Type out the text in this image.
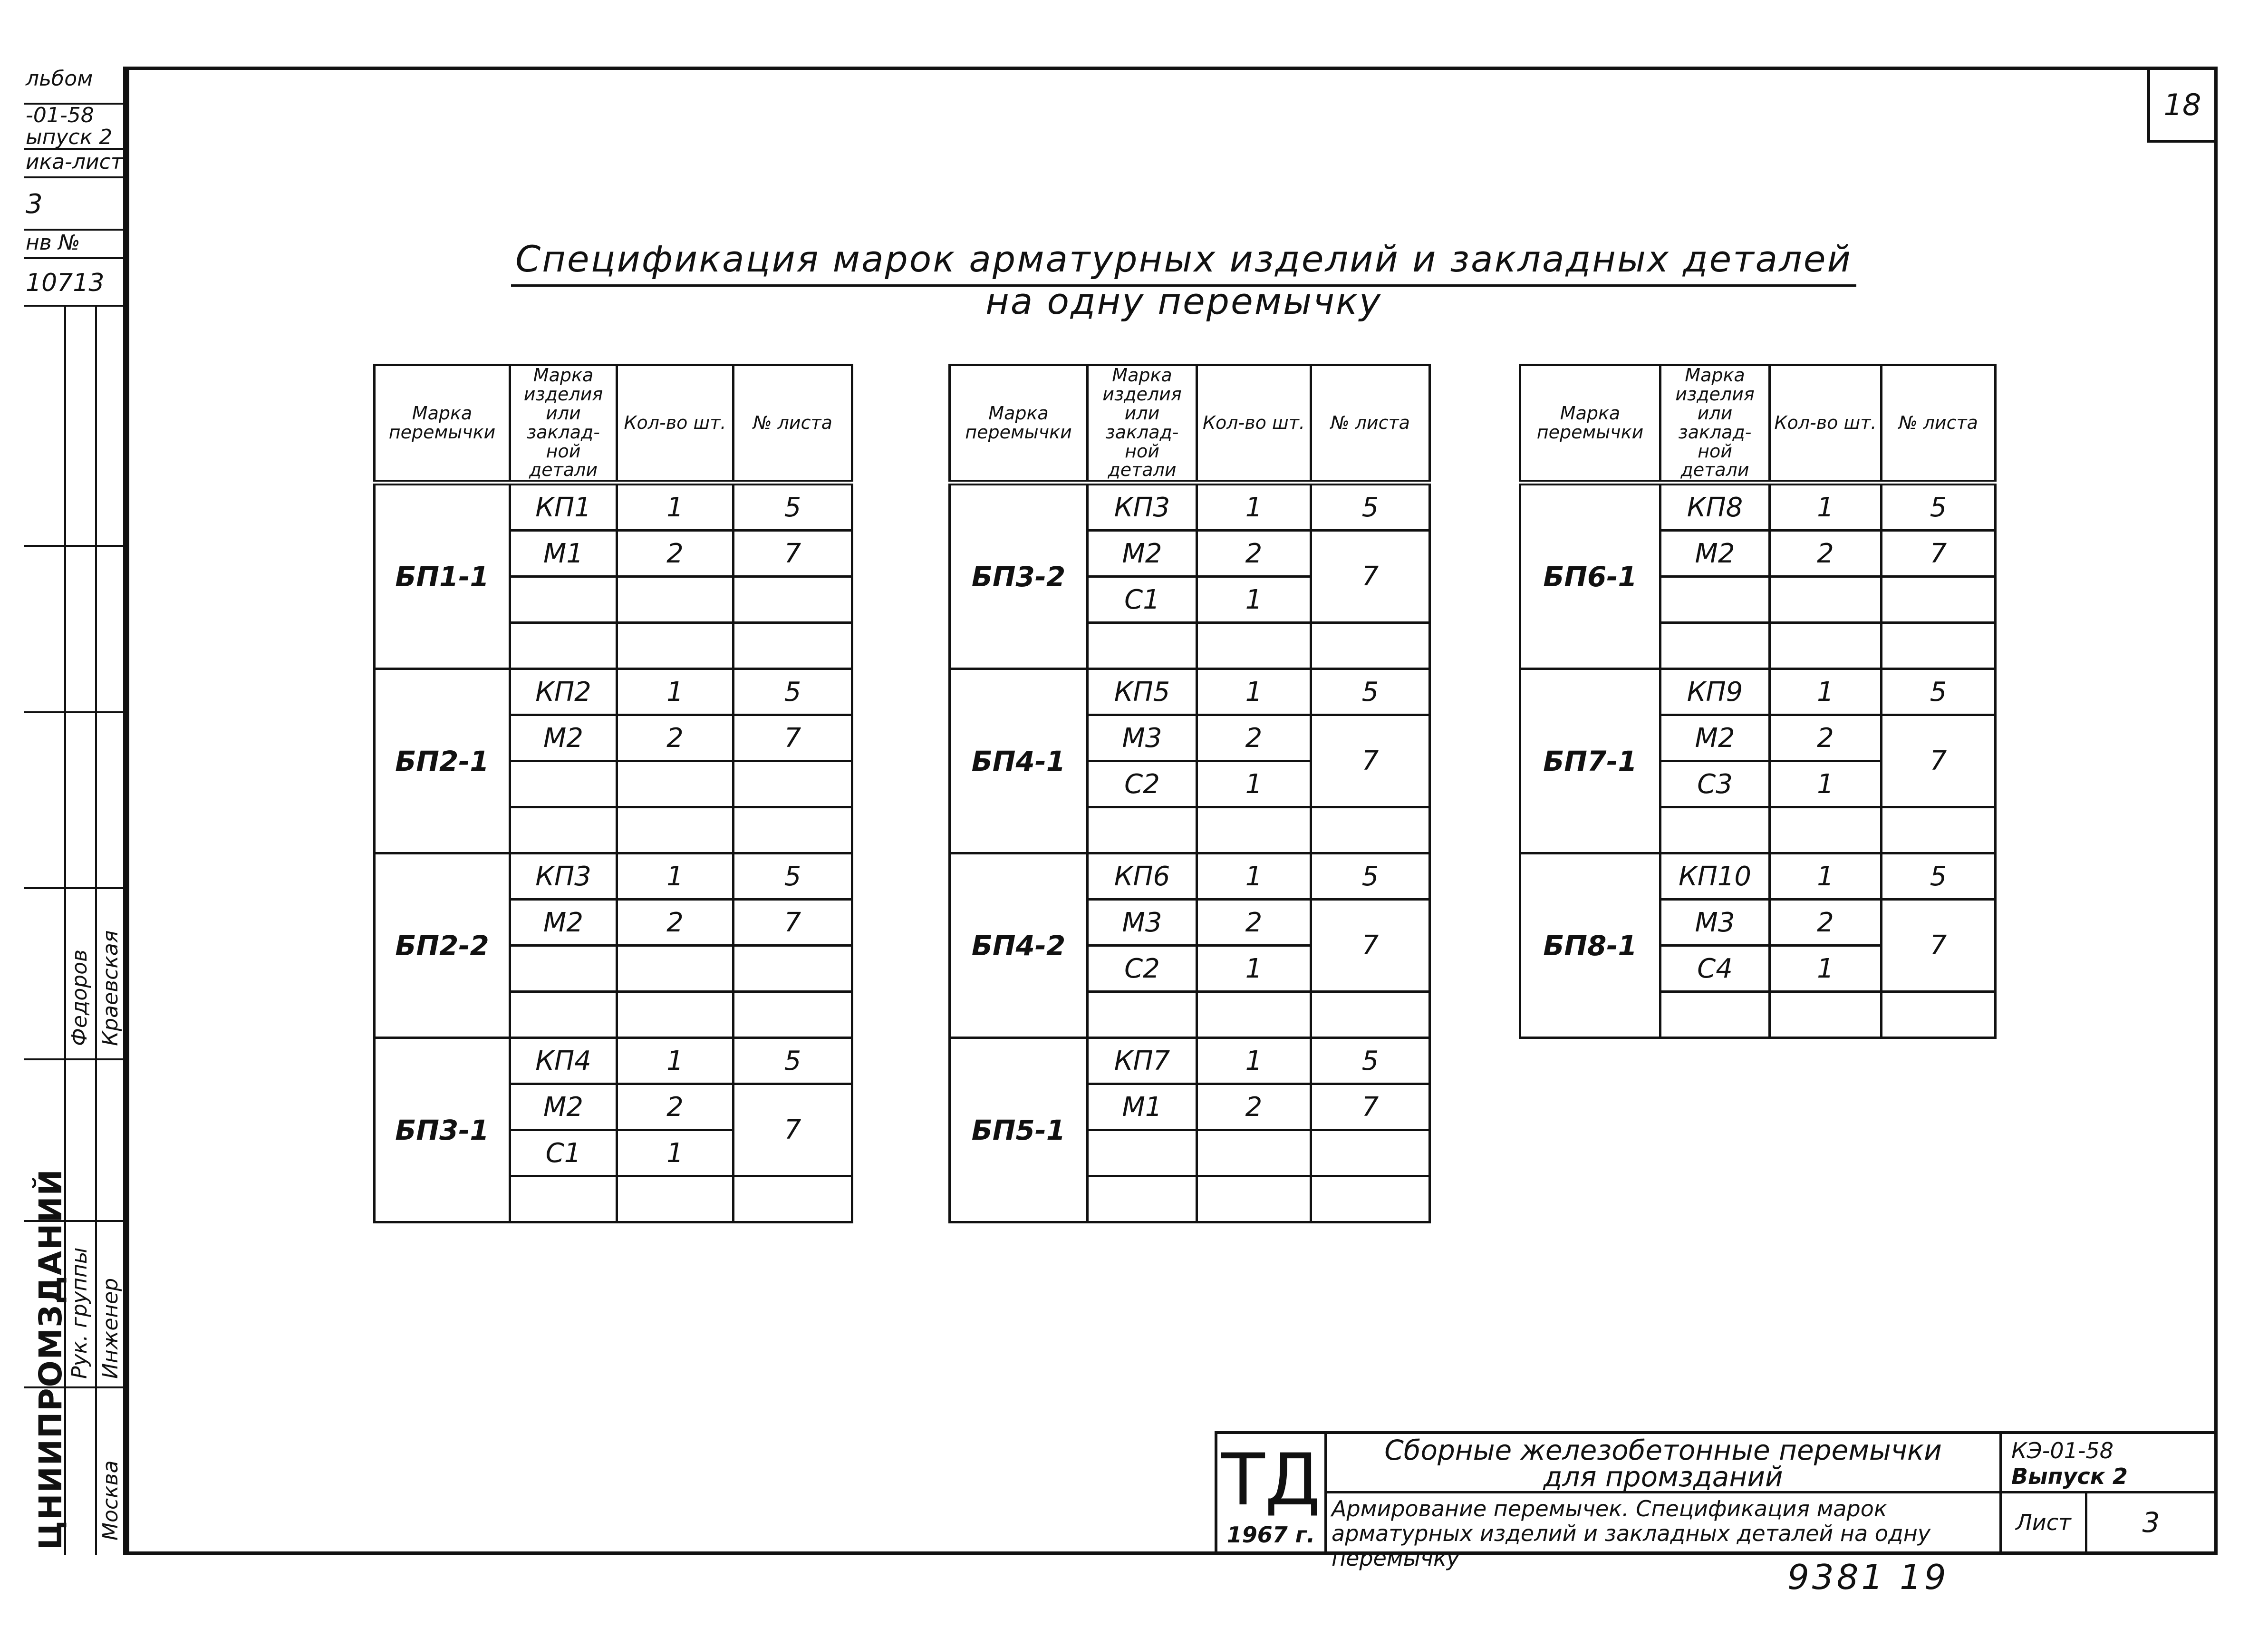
18
Спецификация марок арматурных изделий и закладных деталей на одну перемычку
Марка перемычки	Марка изделия или заклад-ной детали	Кол-во шт.	№ листа
БП1-1	КП1	1	5
	М1	2	7

БП2-1	КП2	1	5
	М2	2	7

БП2-2	КП3	1	5
	М2	2	7

БП3-1	КП4	1	5
	М2	2	7
	С1	1	

Марка перемычки	Марка изделия или заклад-ной детали	Кол-во шт.	№ листа
БП3-2	КП3	1	5
	М2	2	7
	С1	1	

БП4-1	КП5	1	5
	М3	2	7
	С2	1	

БП4-2	КП6	1	5
	М3	2	7
	С2	1	

БП5-1	КП7	1	5
	М1	2	7

Марка перемычки	Марка изделия или заклад-ной детали	Кол-во шт.	№ листа
БП6-1	КП8	1	5
	М2	2	7

БП7-1	КП9	1	5
	М2	2	7
	С3	1	

БП8-1	КП10	1	5
	М3	2	7
	С4	1	

льбом
-01-58
ыпуск 2
ика-лист
3
нв №
10713
Федоров Краевская
Рук. группы Инженер
ЦНИИПРОМЗДАНИЙ Москва	ТД
1967 г.
Сборные железобетонные перемычки для промзданий
Армирование перемычек. Спецификация марок арматурных изделий и закладных деталей на одну перемычку
КЭ-01-58
Выпуск 2
Лист	3
9381 19
